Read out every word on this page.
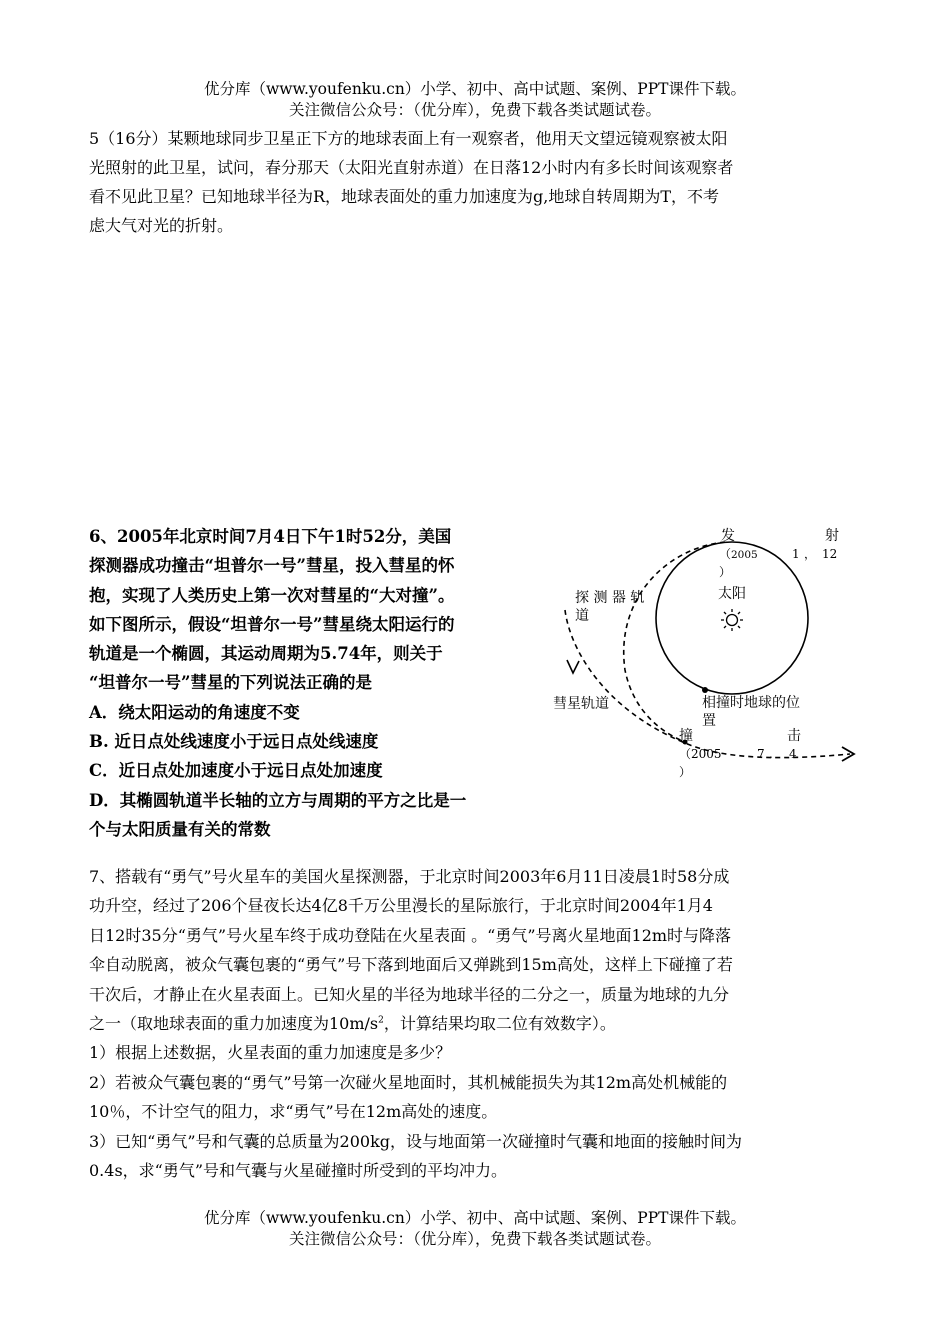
优分库（www.youfenku.cn）小学、初中、高中试题、案例、PPT课件下载。
关注微信公众号：（优分库），免费下载各类试题试卷。
5（16分）某颗地球同步卫星正下方的地球表面上有一观察者，他用天文望远镜观察被太阳
光照射的此卫星，试问，春分那天（太阳光直射赤道）在日落12小时内有多长时间该观察者
看不见此卫星？已知地球半径为R，地球表面处的重力加速度为g,地球自转周期为T，不考
虑大气对光的折射。
6、2005年北京时间7月4日下午1时52分，美国
探测器成功撞击“坦普尔一号”彗星，投入彗星的怀
抱，实现了人类历史上第一次对彗星的“大对撞”。
如下图所示，假设“坦普尔一号”彗星绕太阳运行的
轨道是一个椭圆，其运动周期为5.74年，则关于
“坦普尔一号”彗星的下列说法正确的是
A．绕太阳运动的角速度不变
B. 近日点处线速度小于远日点处线速度
C．近日点处加速度小于远日点处加速度
D．其椭圆轨道半长轴的立方与周期的平方之比是一
个与太阳质量有关的常数
发	射
（ 2005	1 ， 12
）
探 测 器 轨
道
太阳
相撞时地球的位
置
彗星轨道
撞	击
（ 2005	7 . 4
）
7、搭载有“勇气”号火星车的美国火星探测器，于北京时间2003年6月11日凌晨1时58分成
功升空，经过了206个昼夜长达4亿8千万公里漫长的星际旅行，于北京时间2004年1月4
日12时35分“勇气”号火星车终于成功登陆在火星表面 。“勇气”号离火星地面12m时与降落
伞自动脱离，被众气囊包裹的“勇气”号下落到地面后又弹跳到15m高处，这样上下碰撞了若
干次后，才静止在火星表面上。已知火星的半径为地球半径的二分之一，质量为地球的九分
之一（取地球表面的重力加速度为$10m/s^2$，计算结果均取二位有效数字）。
1）根据上述数据，火星表面的重力加速度是多少？
2）若被众气囊包裹的“勇气”号第一次碰火星地面时，其机械能损失为其12m高处机械能的
10％，不计空气的阻力，求“勇气”号在12m高处的速度。
3）已知“勇气”号和气囊的总质量为200kg，设与地面第一次碰撞时气囊和地面的接触时间为
0.4s，求“勇气”号和气囊与火星碰撞时所受到的平均冲力。
优分库（www.youfenku.cn）小学、初中、高中试题、案例、PPT课件下载。
关注微信公众号：（优分库），免费下载各类试题试卷。
